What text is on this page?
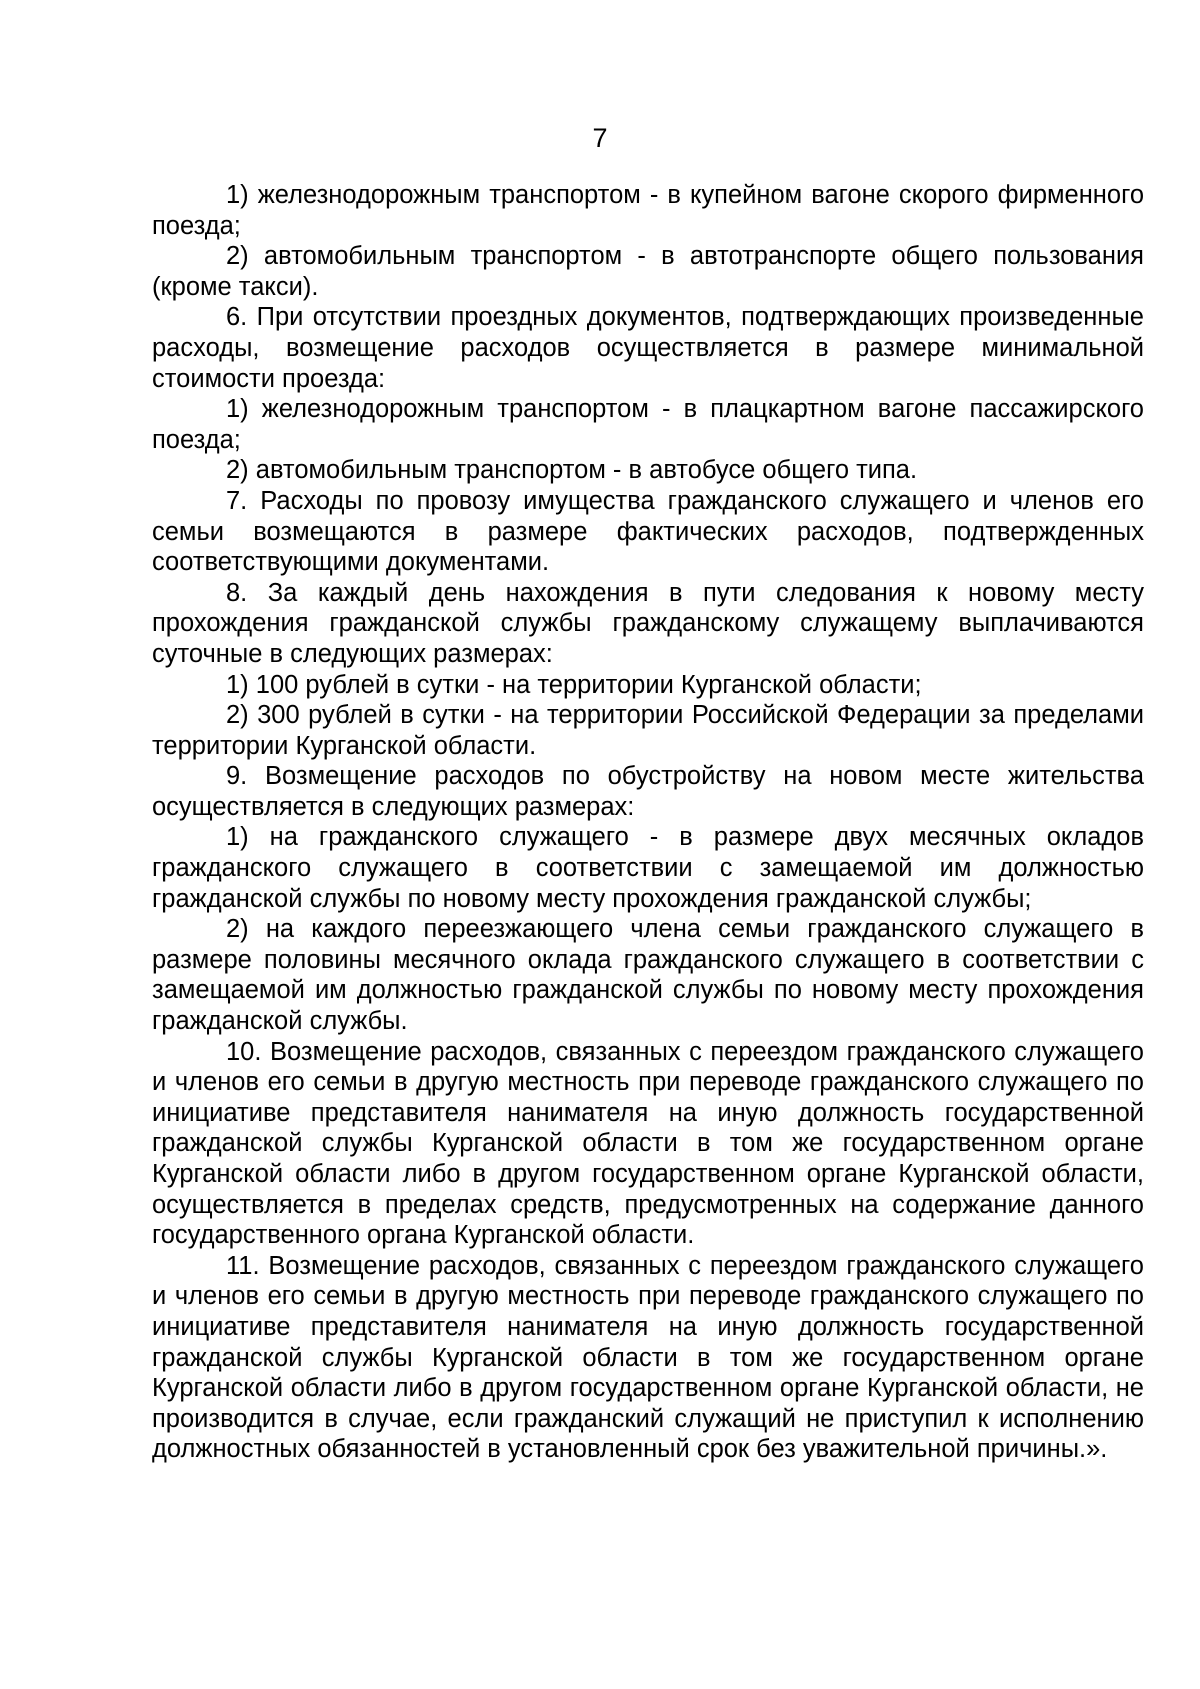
7

1) железнодорожным транспортом - в купейном вагоне скорого фирменного поезда;

2) автомобильным транспортом - в автотранспорте общего пользования (кроме такси).

6. При отсутствии проездных документов, подтверждающих произведенные расходы, возмещение расходов осуществляется в размере минимальной стоимости проезда:

1) железнодорожным транспортом - в плацкартном вагоне пассажирского поезда;

2) автомобильным транспортом - в автобусе общего типа.

7. Расходы по провозу имущества гражданского служащего и членов его семьи возмещаются в размере фактических расходов, подтвержденных соответствующими документами.

8. За каждый день нахождения в пути следования к новому месту прохождения гражданской службы гражданскому служащему выплачиваются суточные в следующих размерах:

1) 100 рублей в сутки - на территории Курганской области;

2) 300 рублей в сутки - на территории Российской Федерации за пределами территории Курганской области.

9. Возмещение расходов по обустройству на новом месте жительства осуществляется в следующих размерах:

1) на гражданского служащего - в размере двух месячных окладов гражданского служащего в соответствии с замещаемой им должностью гражданской службы по новому месту прохождения гражданской службы;

2) на каждого переезжающего члена семьи гражданского служащего в размере половины месячного оклада гражданского служащего в соответствии с замещаемой им должностью гражданской службы по новому месту прохождения гражданской службы.

10. Возмещение расходов, связанных с переездом гражданского служащего и членов его семьи в другую местность при переводе гражданского служащего по инициативе представителя нанимателя на иную должность государственной гражданской службы Курганской области в том же государственном органе Курганской области либо в другом государственном органе Курганской области, осуществляется в пределах средств, предусмотренных на содержание данного государственного органа Курганской области.

11. Возмещение расходов, связанных с переездом гражданского служащего и членов его семьи в другую местность при переводе гражданского служащего по инициативе представителя нанимателя на иную должность государственной гражданской службы Курганской области в том же государственном органе Курганской области либо в другом государственном органе Курганской области, не производится в случае, если гражданский служащий не приступил к исполнению должностных обязанностей в установленный срок без уважительной причины.».
